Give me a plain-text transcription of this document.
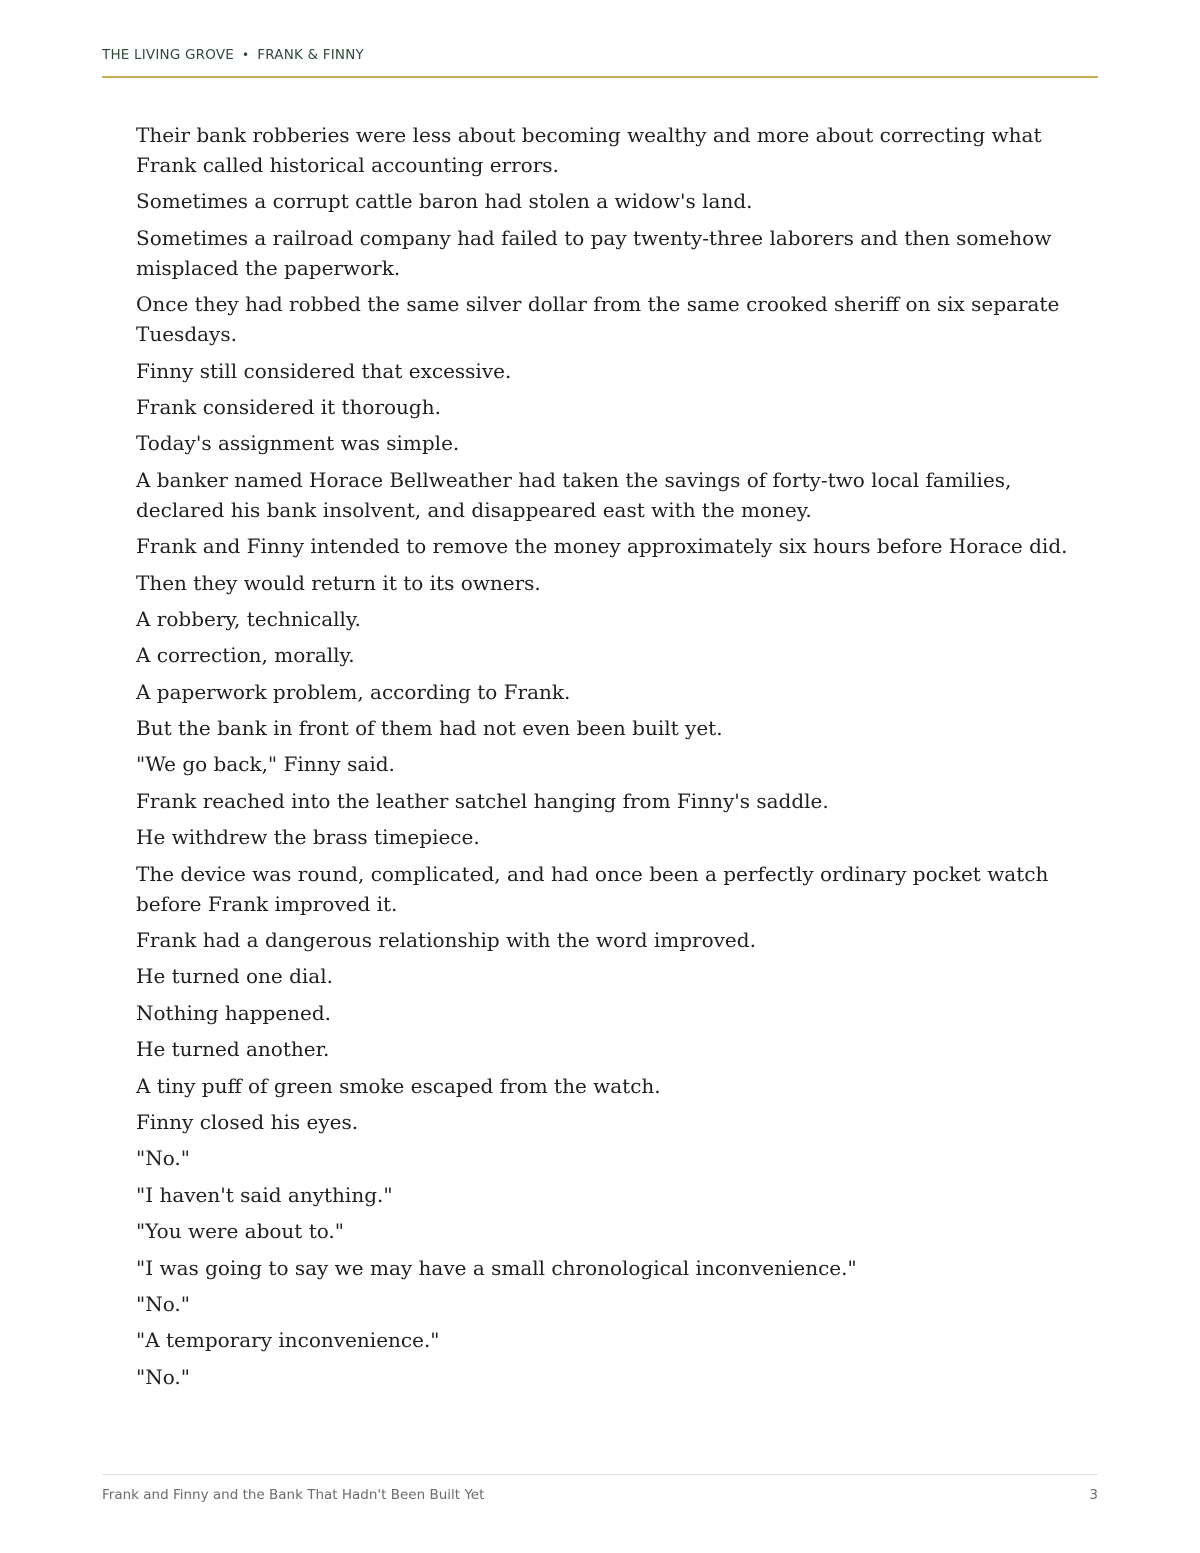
THE LIVING GROVE • FRANK & FINNY

Their bank robberies were less about becoming wealthy and more about correcting what Frank called historical accounting errors.

Sometimes a corrupt cattle baron had stolen a widow's land.

Sometimes a railroad company had failed to pay twenty-three laborers and then somehow misplaced the paperwork.

Once they had robbed the same silver dollar from the same crooked sheriff on six separate Tuesdays.

Finny still considered that excessive.

Frank considered it thorough.

Today's assignment was simple.

A banker named Horace Bellweather had taken the savings of forty-two local families, declared his bank insolvent, and disappeared east with the money.

Frank and Finny intended to remove the money approximately six hours before Horace did.

Then they would return it to its owners.

A robbery, technically.

A correction, morally.

A paperwork problem, according to Frank.

But the bank in front of them had not even been built yet.

"We go back," Finny said.

Frank reached into the leather satchel hanging from Finny's saddle.

He withdrew the brass timepiece.

The device was round, complicated, and had once been a perfectly ordinary pocket watch before Frank improved it.

Frank had a dangerous relationship with the word improved.

He turned one dial.

Nothing happened.

He turned another.

A tiny puff of green smoke escaped from the watch.

Finny closed his eyes.

"No."

"I haven't said anything."

"You were about to."

"I was going to say we may have a small chronological inconvenience."

"No."

"A temporary inconvenience."

"No."

Frank and Finny and the Bank That Hadn't Been Built Yet	3
